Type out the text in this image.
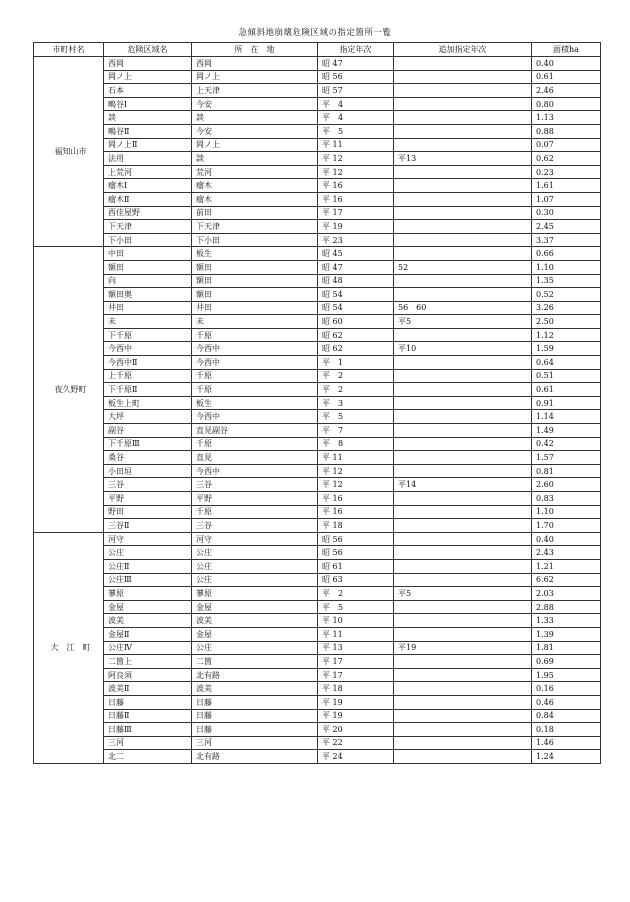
急傾斜地崩壊危険区域の指定箇所一覧
市町村名	危険区域名	所　在　地	指定年次	追加指定年次	面積ha
福知山市	西岡	西岡	昭 47		0.40
	岡ノ上	岡ノ上	昭 56		0.61
	石本	上天津	昭 57		2.46
	鴫谷Ⅰ	今安	平　4		0.80
	談	談	平　4		1.13
	鴫谷Ⅱ	今安	平　5		0.88
	岡ノ上Ⅱ	岡ノ上	平 11		0.07
	法用	談	平 12	平13	0.62
	上荒河	荒河	平 12		0.23
	瘤木Ⅰ	瘤木	平 16		1.61
	瘤木Ⅱ	瘤木	平 16		1.07
	西佳屋野	前田	平 17		0.30
	下天津	下天津	平 19		2.45
	下小田	下小田	平 23		3.37
夜久野町	中田	板生	昭 45		0.66
	額田	額田	昭 47	52	1.10
	向	額田	昭 48		1.35
	額田奥	額田	昭 54		0.52
	井田	井田	昭 54	56　60	3.26
	末	末	昭 60	平5	2.50
	下千原	千原	昭 62		1.12
	今西中	今西中	昭 62	平10	1.59
	今西中Ⅱ	今西中	平　1		0.64
	上千原	千原	平　2		0.51
	下千原Ⅱ	千原	平　2		0.61
	板生上町	板生	平　3		0.91
	大坪	今西中	平　5		1.14
	副谷	直見副谷	平　7		1.49
	下千原Ⅲ	千原	平　8		0.42
	桑谷	直見	平 11		1.57
	小田垣	今西中	平 12		0.81
	三谷	三谷	平 12	平14	2.60
	平野	平野	平 16		0.83
	野田	千原	平 16		1.10
	三谷Ⅱ	三谷	平 18		1.70
大　江　町	河守	河守	昭 56		0.40
	公庄	公庄	昭 56		2.43
	公庄Ⅱ	公庄	昭 61		1.21
	公庄Ⅲ	公庄	昭 63		6.62
	蓼原	蓼原	平　2	平5	2.03
	金屋	金屋	平　5		2.88
	波美	波美	平 10		1.33
	金屋Ⅱ	金屋	平 11		1.39
	公庄Ⅳ	公庄	平 13	平19	1.81
	二箇上	二箇	平 17		0.69
	阿良須	北有路	平 17		1.95
	波美Ⅱ	波美	平 18		0.16
	日藤	日藤	平 19		0.46
	日藤Ⅱ	日藤	平 19		0.84
	日藤Ⅲ	日藤	平 20		0.18
	三河	三河	平 22		1.46
	北二	北有路	平 24		1.24
